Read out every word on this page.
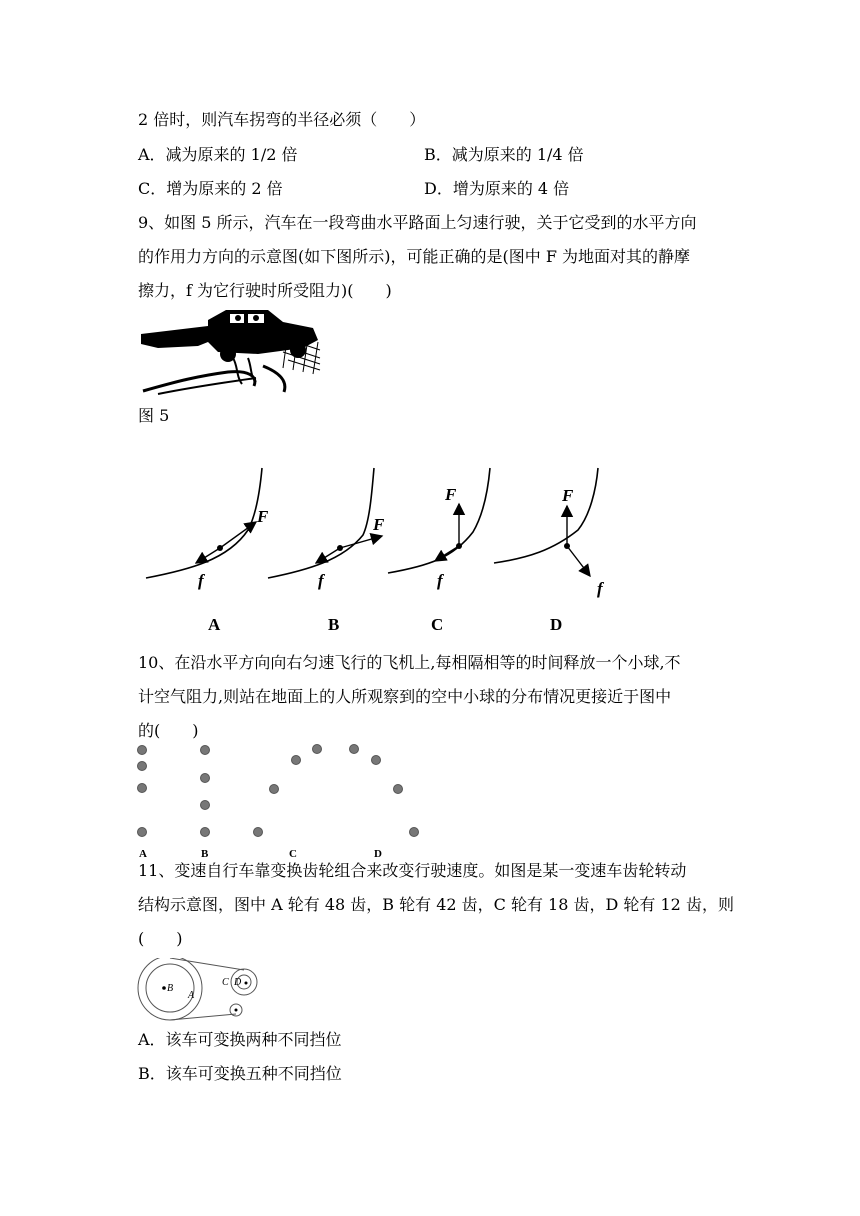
2 倍时，则汽车拐弯的半径必须（　　）
A．减为原来的 1/2 倍	B．减为原来的 1/4 倍
C．增为原来的 2 倍	D．增为原来的 4 倍
9、如图 5 所示，汽车在一段弯曲水平路面上匀速行驶，关于它受到的水平方向
的作用力方向的示意图(如下图所示)，可能正确的是(图中 F 为地面对其的静摩
擦力，f 为它行驶时所受阻力)(　　)
图 5
F
f
A
F
f
B
F
f
C
F
f
D
10、在沿水平方向向右匀速飞行的飞机上,每相隔相等的时间释放一个小球,不
计空气阻力,则站在地面上的人所观察到的空中小球的分布情况更接近于图中
的(　　)
A	B	C	D
11、变速自行车靠变换齿轮组合来改变行驶速度。如图是某一变速车齿轮转动
结构示意图，图中 A 轮有 48 齿，B 轮有 42 齿，C 轮有 18 齿，D 轮有 12 齿，则
(　　)
B
A
C D
A．该车可变换两种不同挡位
B．该车可变换五种不同挡位
